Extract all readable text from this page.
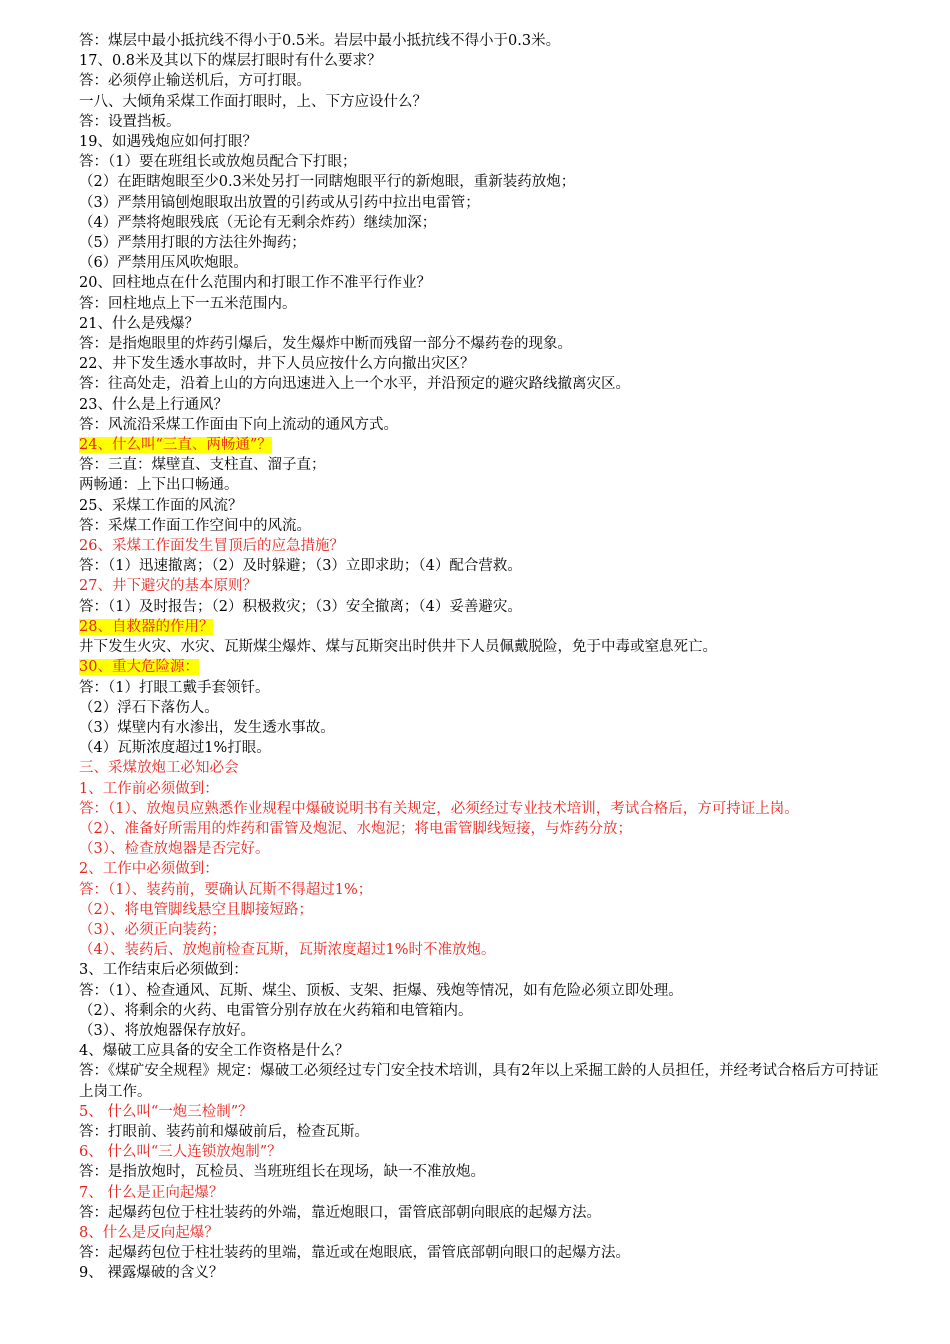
答：煤层中最小抵抗线不得小于0.5米。岩层中最小抵抗线不得小于0.3米。

17、0.8米及其以下的煤层打眼时有什么要求？

答：必须停止输送机后，方可打眼。

一八、大倾角采煤工作面打眼时，上、下方应设什么？

答：设置挡板。

19、如遇残炮应如何打眼？

答：（1）要在班组长或放炮员配合下打眼；

（2）在距瞎炮眼至少0.3米处另打一同瞎炮眼平行的新炮眼，重新装药放炮；

（3）严禁用镐刨炮眼取出放置的引药或从引药中拉出电雷管；

（4）严禁将炮眼残底（无论有无剩余炸药）继续加深；

（5）严禁用打眼的方法往外掏药；

（6）严禁用压风吹炮眼。

20、回柱地点在什么范围内和打眼工作不准平行作业？

答：回柱地点上下一五米范围内。

21、什么是残爆？

答：是指炮眼里的炸药引爆后，发生爆炸中断而残留一部分不爆药卷的现象。

22、井下发生透水事故时，井下人员应按什么方向撤出灾区？

答：往高处走，沿着上山的方向迅速进入上一个水平，并沿预定的避灾路线撤离灾区。

23、什么是上行通风？

答：风流沿采煤工作面由下向上流动的通风方式。

24、什么叫“三直、两畅通”？

答：三直：煤壁直、支柱直、溜子直；

两畅通：上下出口畅通。

25、采煤工作面的风流？

答：采煤工作面工作空间中的风流。

26、采煤工作面发生冒顶后的应急措施？

答：（1）迅速撤离；（2）及时躲避；（3）立即求助；（4）配合营救。

27、井下避灾的基本原则？

答：（1）及时报告；（2）积极救灾；（3）安全撤离；（4）妥善避灾。

28、自救器的作用？

井下发生火灾、水灾、瓦斯煤尘爆炸、煤与瓦斯突出时供井下人员佩戴脱险，免于中毒或窒息死亡。

30、重大危险源：

答：（1）打眼工戴手套领钎。

（2）浮石下落伤人。

（3）煤壁内有水渗出，发生透水事故。

（4）瓦斯浓度超过1%打眼。

三、采煤放炮工必知必会

1、工作前必须做到：

答：（1）、放炮员应熟悉作业规程中爆破说明书有关规定，必须经过专业技术培训，考试合格后，方可持证上岗。

（2）、准备好所需用的炸药和雷管及炮泥、水炮泥；将电雷管脚线短接，与炸药分放；

（3）、检查放炮器是否完好。

2、工作中必须做到：

答：（1）、装药前，要确认瓦斯不得超过1%；

（2）、将电管脚线悬空且脚接短路；

（3）、必须正向装药；

（4）、装药后、放炮前检查瓦斯，瓦斯浓度超过1%时不准放炮。

3、工作结束后必须做到：

答：（1）、检查通风、瓦斯、煤尘、顶板、支架、拒爆、残炮等情况，如有危险必须立即处理。

（2）、将剩余的火药、电雷管分别存放在火药箱和电管箱内。

（3）、将放炮器保存放好。

4、爆破工应具备的安全工作资格是什么？

答：《煤矿安全规程》规定：爆破工必须经过专门安全技术培训，具有2年以上采掘工龄的人员担任，并经考试合格后方可持证上岗工作。

5、 什么叫“一炮三检制”？

答：打眼前、装药前和爆破前后，检查瓦斯。

6、 什么叫“三人连锁放炮制”？

答：是指放炮时，瓦检员、当班班组长在现场，缺一不准放炮。

7、 什么是正向起爆？

答：起爆药包位于柱壮装药的外端，靠近炮眼口，雷管底部朝向眼底的起爆方法。

8、什么是反向起爆？

答：起爆药包位于柱壮装药的里端，靠近或在炮眼底，雷管底部朝向眼口的起爆方法。

9、 裸露爆破的含义？
